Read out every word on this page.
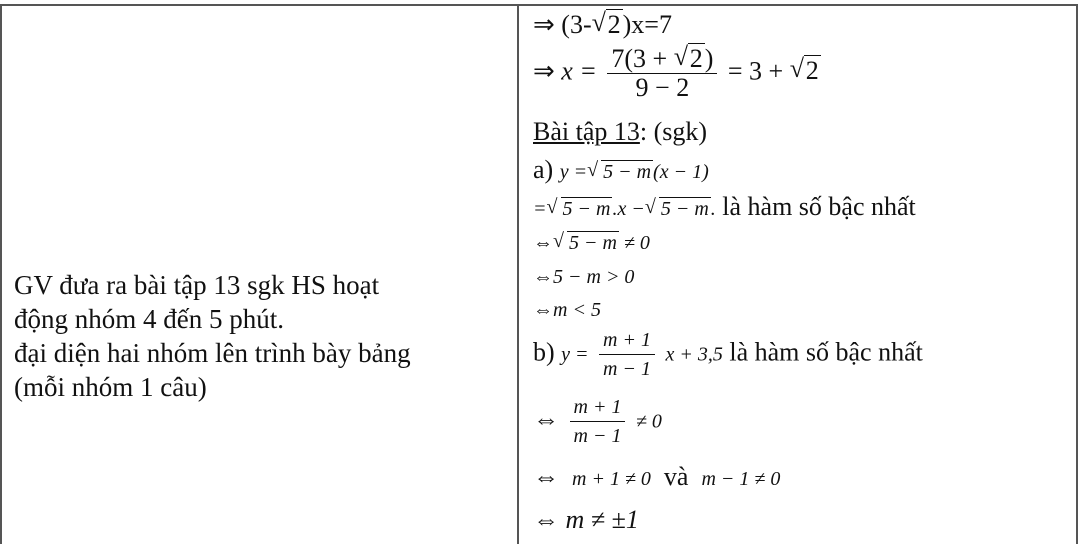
GV đưa ra bài tập 13 sgk HS hoạt
động nhóm 4 đến 5 phút.
đại diện hai nhóm lên trình bày bảng
(mỗi nhóm 1 câu)
⇒ (3- √ 2)x=7
⇒ $x = \frac{7(3 + √ 2)}{9 - 2} = 3$ + √ 2
Bài tập 13: (sgk)
a) y = √ 5 − m (x − 1)
= √ 5 − m .x − √ 5 − m . là hàm số bậc nhất
⇔ √ 5 − m ≠ 0
⇔5 − m > 0
⇔m < 5
b) $y = \frac{m + 1}{m - 1}$ x + 3,5 là hàm số bậc nhất
⇔ $\frac{m + 1}{m - 1} \ne 0$
⇔ m + 1 ≠ 0 và m − 1 ≠ 0
⇔ m ≠ ±1
